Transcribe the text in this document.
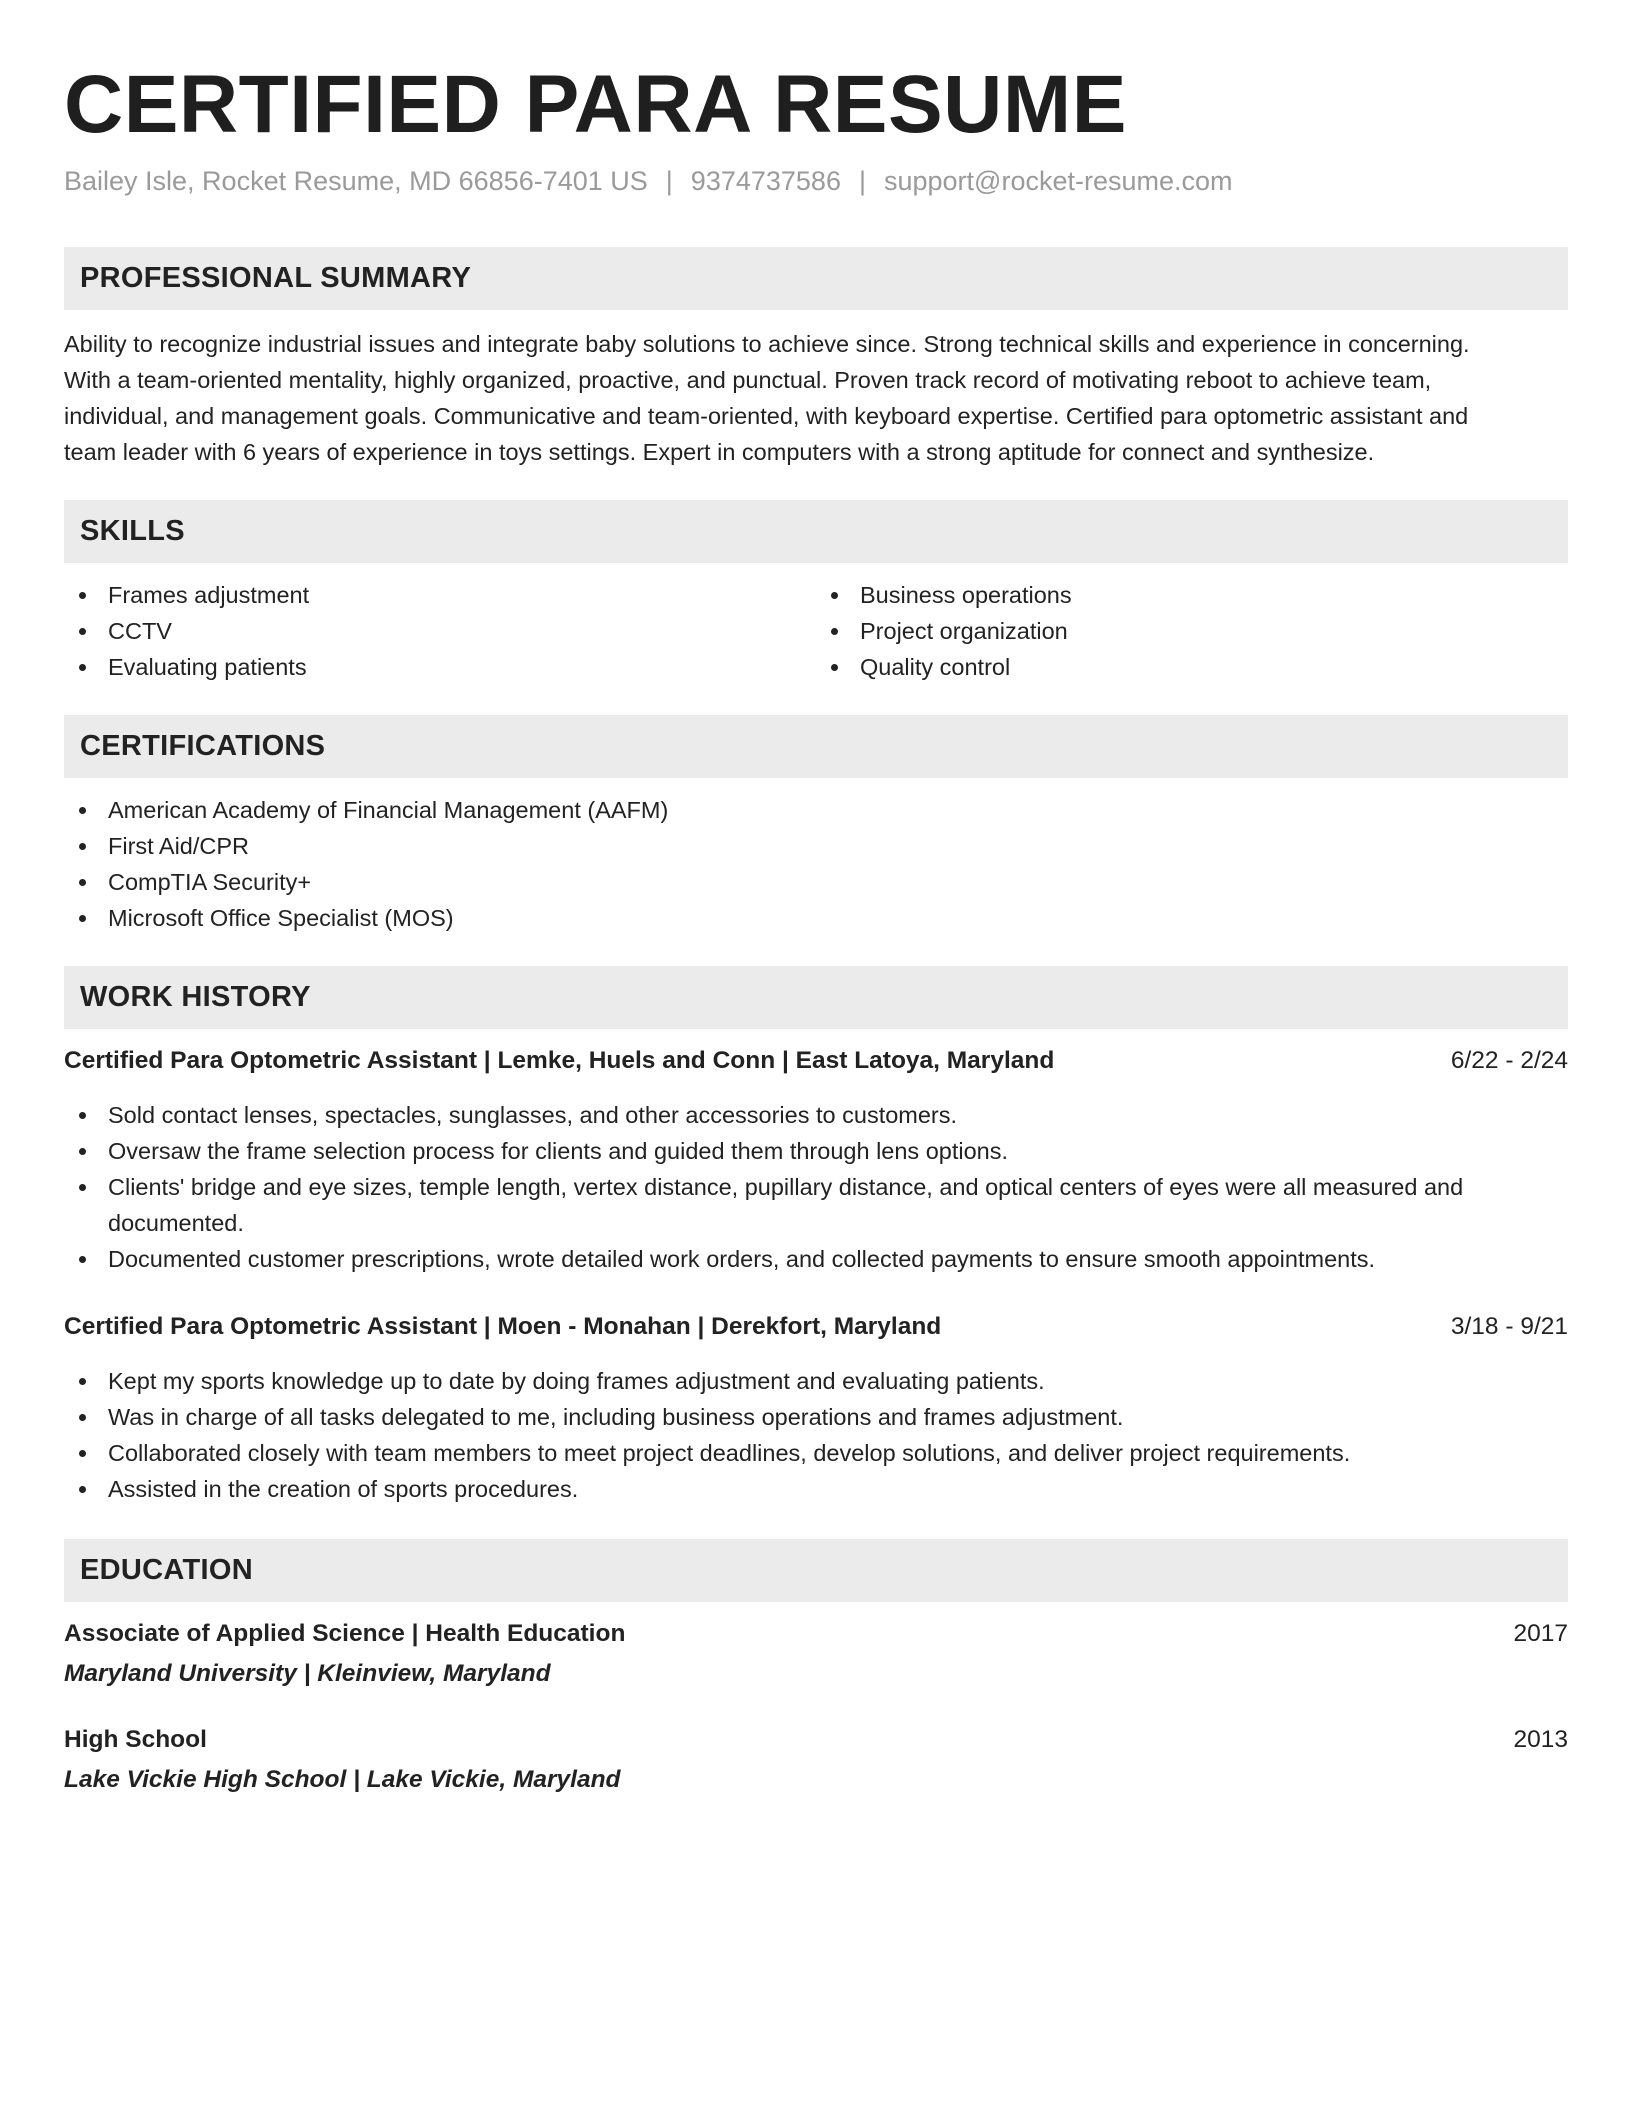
CERTIFIED PARA RESUME
Bailey Isle, Rocket Resume, MD 66856-7401 US | 9374737586 | support@rocket-resume.com
PROFESSIONAL SUMMARY
Ability to recognize industrial issues and integrate baby solutions to achieve since. Strong technical skills and experience in concerning.
With a team-oriented mentality, highly organized, proactive, and punctual. Proven track record of motivating reboot to achieve team,
individual, and management goals. Communicative and team-oriented, with keyboard expertise. Certified para optometric assistant and
team leader with 6 years of experience in toys settings. Expert in computers with a strong aptitude for connect and synthesize.
SKILLS
Frames adjustment
CCTV
Evaluating patients
Business operations
Project organization
Quality control
CERTIFICATIONS
American Academy of Financial Management (AAFM)
First Aid/CPR
CompTIA Security+
Microsoft Office Specialist (MOS)
WORK HISTORY
Certified Para Optometric Assistant | Lemke, Huels and Conn | East Latoya, Maryland	6/22 - 2/24
Sold contact lenses, spectacles, sunglasses, and other accessories to customers.
Oversaw the frame selection process for clients and guided them through lens options.
Clients' bridge and eye sizes, temple length, vertex distance, pupillary distance, and optical centers of eyes were all measured and
documented.
Documented customer prescriptions, wrote detailed work orders, and collected payments to ensure smooth appointments.
Certified Para Optometric Assistant | Moen - Monahan | Derekfort, Maryland	3/18 - 9/21
Kept my sports knowledge up to date by doing frames adjustment and evaluating patients.
Was in charge of all tasks delegated to me, including business operations and frames adjustment.
Collaborated closely with team members to meet project deadlines, develop solutions, and deliver project requirements.
Assisted in the creation of sports procedures.
EDUCATION
Associate of Applied Science | Health Education	2017
Maryland University | Kleinview, Maryland
High School	2013
Lake Vickie High School | Lake Vickie, Maryland
